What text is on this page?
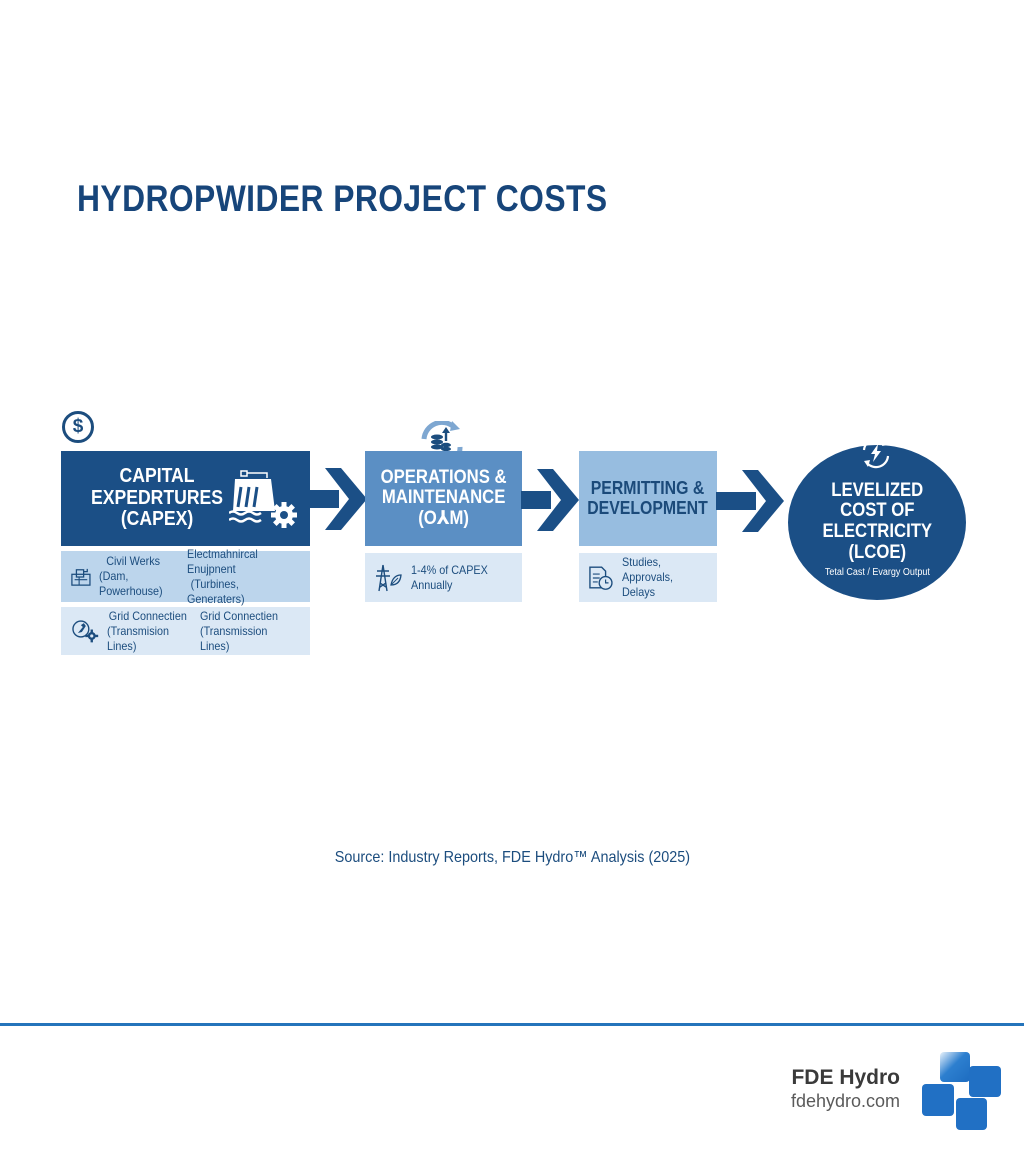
HYDROPWIDER PROJECT COSTS
$
CAPITAL
EXPEDRTURES
(CAPEX)
Civil Werks
(Dam, Powerhouse)
Electmahnircal Enujpnent
(Turbines, Generaters)
Grid Connectien
(Transmision Lines)
Grid Connectien
(Transmission Lines)
OPERATIONS &
MAINTENANCE
(O⅄M)
1-4% of CAPEX
Annually
PERMITTING &
DEVELOPMENT
Studies,
Approvals, Delays
LEVELIZED
COST OF
ELECTRICITY
(LCOE)
Tetal Cast / Evargy Output
Source: Industry Reports, FDE Hydro™ Analysis (2025)
FDE Hydro
fdehydro.com
